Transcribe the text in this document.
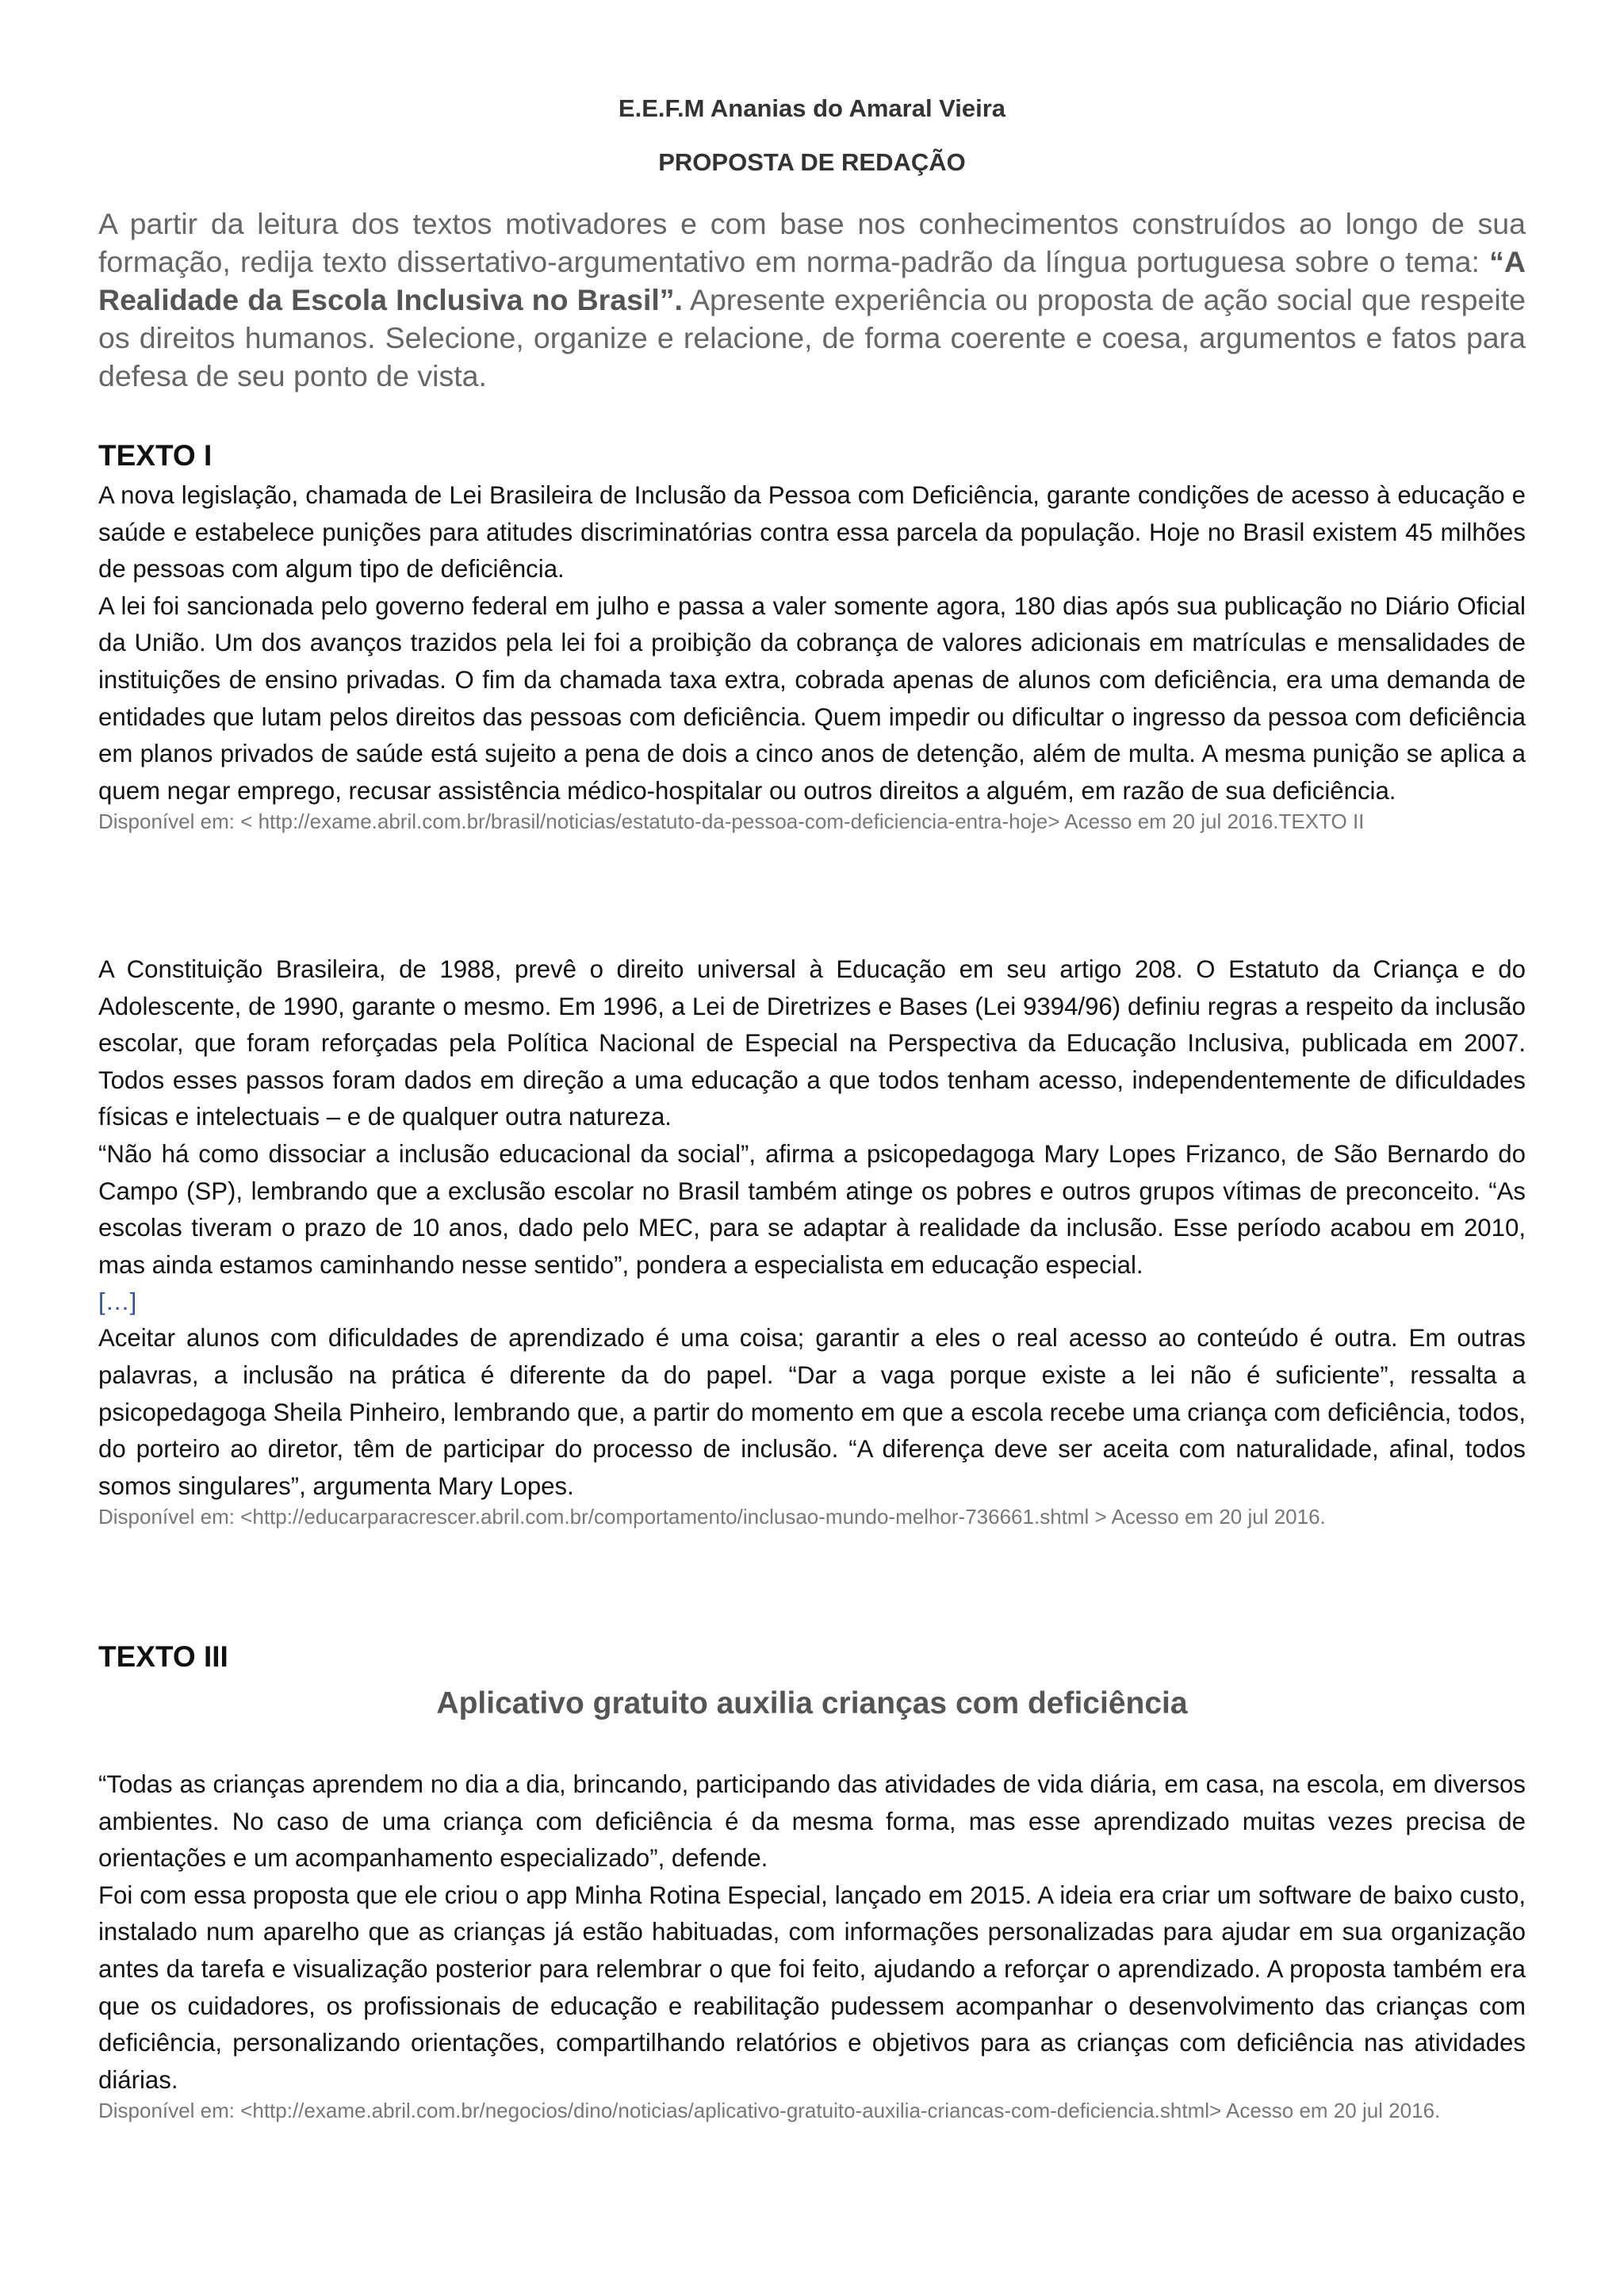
E.E.F.M Ananias do Amaral Vieira

PROPOSTA DE REDAÇÃO

A partir da leitura dos textos motivadores e com base nos conhecimentos construídos ao longo de sua formação, redija texto dissertativo-argumentativo em norma-padrão da língua portuguesa sobre o tema: “A Realidade da Escola Inclusiva no Brasil”. Apresente experiência ou proposta de ação social que respeite os direitos humanos. Selecione, organize e relacione, de forma coerente e coesa, argumentos e fatos para defesa de seu ponto de vista.

TEXTO I

A nova legislação, chamada de Lei Brasileira de Inclusão da Pessoa com Deficiência, garante condições de acesso à educação e saúde e estabelece punições para atitudes discriminatórias contra essa parcela da população. Hoje no Brasil existem 45 milhões de pessoas com algum tipo de deficiência.

A lei foi sancionada pelo governo federal em julho e passa a valer somente agora, 180 dias após sua publicação no Diário Oficial da União. Um dos avanços trazidos pela lei foi a proibição da cobrança de valores adicionais em matrículas e mensalidades de instituições de ensino privadas. O fim da chamada taxa extra, cobrada apenas de alunos com deficiência, era uma demanda de entidades que lutam pelos direitos das pessoas com deficiência. Quem impedir ou dificultar o ingresso da pessoa com deficiência em planos privados de saúde está sujeito a pena de dois a cinco anos de detenção, além de multa. A mesma punição se aplica a quem negar emprego, recusar assistência médico-hospitalar ou outros direitos a alguém, em razão de sua deficiência.

Disponível em: < http://exame.abril.com.br/brasil/noticias/estatuto-da-pessoa-com-deficiencia-entra-hoje> Acesso em 20 jul 2016.TEXTO II

A Constituição Brasileira, de 1988, prevê o direito universal à Educação em seu artigo 208. O Estatuto da Criança e do Adolescente, de 1990, garante o mesmo. Em 1996, a Lei de Diretrizes e Bases (Lei 9394/96) definiu regras a respeito da inclusão escolar, que foram reforçadas pela Política Nacional de Especial na Perspectiva da Educação Inclusiva, publicada em 2007. Todos esses passos foram dados em direção a uma educação a que todos tenham acesso, independentemente de dificuldades físicas e intelectuais – e de qualquer outra natureza.

“Não há como dissociar a inclusão educacional da social”, afirma a psicopedagoga Mary Lopes Frizanco, de São Bernardo do Campo (SP), lembrando que a exclusão escolar no Brasil também atinge os pobres e outros grupos vítimas de preconceito. “As escolas tiveram o prazo de 10 anos, dado pelo MEC, para se adaptar à realidade da inclusão. Esse período acabou em 2010, mas ainda estamos caminhando nesse sentido”, pondera a especialista em educação especial.

[…]

Aceitar alunos com dificuldades de aprendizado é uma coisa; garantir a eles o real acesso ao conteúdo é outra. Em outras palavras, a inclusão na prática é diferente da do papel. “Dar a vaga porque existe a lei não é suficiente”, ressalta a psicopedagoga Sheila Pinheiro, lembrando que, a partir do momento em que a escola recebe uma criança com deficiência, todos, do porteiro ao diretor, têm de participar do processo de inclusão. “A diferença deve ser aceita com naturalidade, afinal, todos somos singulares”, argumenta Mary Lopes.

Disponível em: <http://educarparacrescer.abril.com.br/comportamento/inclusao-mundo-melhor-736661.shtml > Acesso em 20 jul 2016.

TEXTO III
Aplicativo gratuito auxilia crianças com deficiência

“Todas as crianças aprendem no dia a dia, brincando, participando das atividades de vida diária, em casa, na escola, em diversos ambientes. No caso de uma criança com deficiência é da mesma forma, mas esse aprendizado muitas vezes precisa de orientações e um acompanhamento especializado”, defende.

Foi com essa proposta que ele criou o app Minha Rotina Especial, lançado em 2015. A ideia era criar um software de baixo custo, instalado num aparelho que as crianças já estão habituadas, com informações personalizadas para ajudar em sua organização antes da tarefa e visualização posterior para relembrar o que foi feito, ajudando a reforçar o aprendizado. A proposta também era que os cuidadores, os profissionais de educação e reabilitação pudessem acompanhar o desenvolvimento das crianças com deficiência, personalizando orientações, compartilhando relatórios e objetivos para as crianças com deficiência nas atividades diárias.

Disponível em: <http://exame.abril.com.br/negocios/dino/noticias/aplicativo-gratuito-auxilia-criancas-com-deficiencia.shtml> Acesso em 20 jul 2016.
